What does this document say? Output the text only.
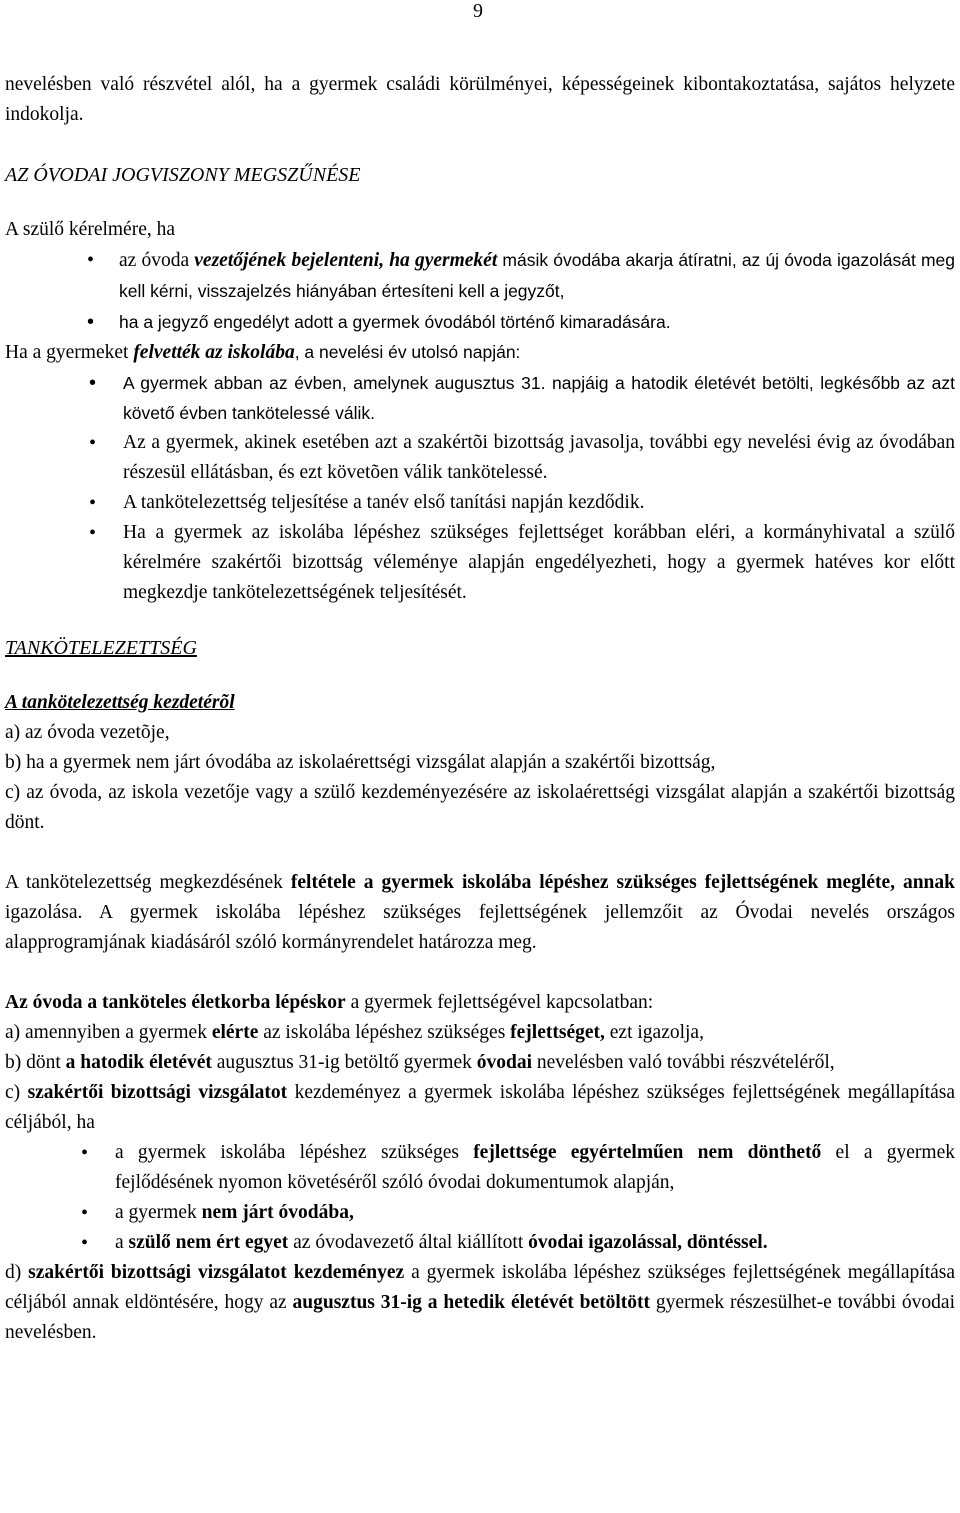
9

nevelésben való részvétel alól, ha a gyermek családi körülményei, képességeinek kibontakoztatása, sajátos helyzete indokolja.

AZ ÓVODAI JOGVISZONY MEGSZŰNÉSE

A szülő kérelmére, ha

• az óvoda vezetőjének bejelenteni, ha gyermekét másik óvodába akarja átíratni, az új óvoda igazolását meg kell kérni, visszajelzés hiányában értesíteni kell a jegyzőt,
• ha a jegyző engedélyt adott a gyermek óvodából történő kimaradására.

Ha a gyermeket felvették az iskolába, a nevelési év utolsó napján:

• A gyermek abban az évben, amelynek augusztus 31. napjáig a hatodik életévét betölti, legkésőbb az azt követő évben tankötelessé válik.
• Az a gyermek, akinek esetében azt a szakértõi bizottság javasolja, további egy nevelési évig az óvodában részesül ellátásban, és ezt követõen válik tankötelessé.
• A tankötelezettség teljesítése a tanév első tanítási napján kezdődik.
• Ha a gyermek az iskolába lépéshez szükséges fejlettséget korábban eléri, a kormányhivatal a szülő kérelmére szakértői bizottság véleménye alapján engedélyezheti, hogy a gyermek hatéves kor előtt megkezdje tankötelezettségének teljesítését.
TANKÖTELEZETTSÉG

A tankötelezettség kezdetérõl

a) az óvoda vezetõje,

b) ha a gyermek nem járt óvodába az iskolaérettségi vizsgálat alapján a szakértői bizottság,

c) az óvoda, az iskola vezetője vagy a szülő kezdeményezésére az iskolaérettségi vizsgálat alapján a szakértői bizottság dönt.

A tankötelezettség megkezdésének feltétele a gyermek iskolába lépéshez szükséges fejlettségének megléte, annak igazolása. A gyermek iskolába lépéshez szükséges fejlettségének jellemzőit az Óvodai nevelés országos alapprogramjának kiadásáról szóló kormányrendelet határozza meg.

Az óvoda a tanköteles életkorba lépéskor a gyermek fejlettségével kapcsolatban:

a) amennyiben a gyermek elérte az iskolába lépéshez szükséges fejlettséget, ezt igazolja,

b) dönt a hatodik életévét augusztus 31-ig betöltő gyermek óvodai nevelésben való további részvételéről,

c) szakértői bizottsági vizsgálatot kezdeményez a gyermek iskolába lépéshez szükséges fejlettségének megállapítása céljából, ha

• a gyermek iskolába lépéshez szükséges fejlettsége egyértelműen nem dönthető el a gyermek fejlődésének nyomon követéséről szóló óvodai dokumentumok alapján,
• a gyermek nem járt óvodába,
• a szülő nem ért egyet az óvodavezető által kiállított óvodai igazolással, döntéssel.

d) szakértői bizottsági vizsgálatot kezdeményez a gyermek iskolába lépéshez szükséges fejlettségének megállapítása céljából annak eldöntésére, hogy az augusztus 31-ig a hetedik életévét betöltött gyermek részesülhet-e további óvodai nevelésben.
